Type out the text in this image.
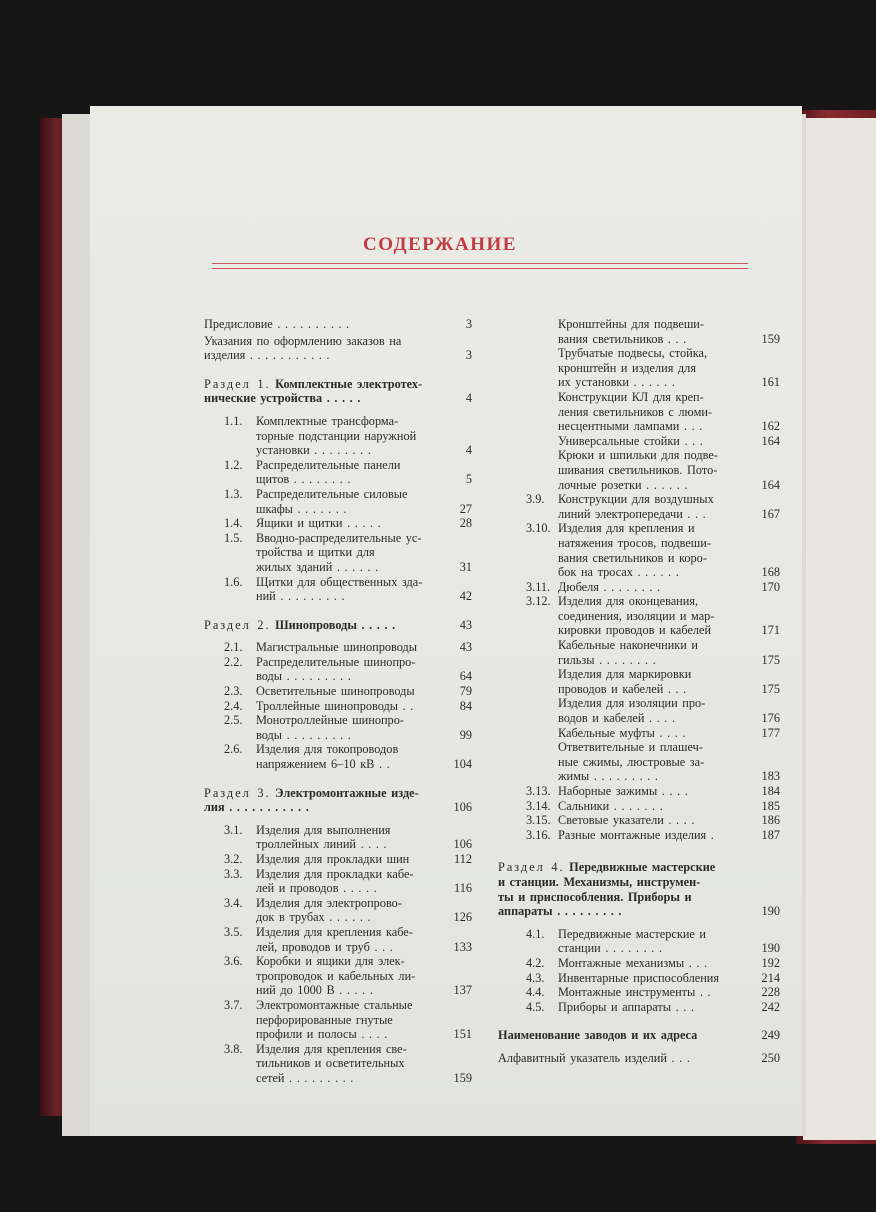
СОДЕРЖАНИЕ
Предисловие . . . . . . . . . .	3
Указания по оформлению заказов на
изделия . . . . . . . . . . .	3
Раздел 1. Комплектные электротех-
нические устройства . . . . .	4
1.1. Комплектные трансформа-
торные подстанции наружной
установки . . . . . . . .	4
1.2. Распределительные панели
щитов . . . . . . . .	5
1.3. Распределительные силовые
шкафы . . . . . . .	27
1.4. Ящики и щитки . . . . .	28
1.5. Вводно-распределительные ус-
тройства и щитки для
жилых зданий . . . . . .	31
1.6. Щитки для общественных зда-
ний . . . . . . . . .	42
Раздел 2. Шинопроводы . . . . .	43
2.1. Магистральные шинопроводы	43
2.2. Распределительные шинопро-
воды . . . . . . . . .	64
2.3. Осветительные шинопроводы	79
2.4. Троллейные шинопроводы . .	84
2.5. Монотроллейные шинопро-
воды . . . . . . . . .	99
2.6. Изделия для токопроводов
напряжением 6–10 кВ . .	104
Раздел 3. Электромонтажные изде-
лия . . . . . . . . . . .	106
3.1. Изделия для выполнения
троллейных линий . . . .	106
3.2. Изделия для прокладки шин	112
3.3. Изделия для прокладки кабе-
лей и проводов . . . . .	116
3.4. Изделия для электропрово-
док в трубах . . . . . .	126
3.5. Изделия для крепления кабе-
лей, проводов и труб . . .	133
3.6. Коробки и ящики для элек-
тропроводок и кабельных ли-
ний до 1000 В . . . . .	137
3.7. Электромонтажные стальные
перфорированные гнутые
профили и полосы . . . .	151
3.8. Изделия для крепления све-
тильников и осветительных
сетей . . . . . . . . .	159
Кронштейны для подвеши-
вания светильников . . .	159
Трубчатые подвесы, стойка,
кронштейн и изделия для
их установки . . . . . .	161
Конструкции КЛ для креп-
ления светильников с люми-
несцентными лампами . . .	162
Универсальные стойки . . .	164
Крюки и шпильки для подве-
шивания светильников. Пото-
лочные розетки . . . . . .	164
3.9. Конструкции для воздушных
линий электропередачи . . .	167
3.10. Изделия для крепления и
натяжения тросов, подвеши-
вания светильников и коро-
бок на тросах . . . . . .	168
3.11. Дюбеля . . . . . . . .	170
3.12. Изделия для оконцевания,
соединения, изоляции и мар-
кировки проводов и кабелей	171
Кабельные наконечники и
гильзы . . . . . . . .	175
Изделия для маркировки
проводов и кабелей . . .	175
Изделия для изоляции про-
водов и кабелей . . . .	176
Кабельные муфты . . . .	177
Ответвительные и плашеч-
ные сжимы, люстровые за-
жимы . . . . . . . . .	183
3.13. Наборные зажимы . . . .	184
3.14. Сальники . . . . . . .	185
3.15. Световые указатели . . . .	186
3.16. Разные монтажные изделия .	187
Раздел 4. Передвижные мастерские
и станции. Механизмы, инструмен-
ты и приспособления. Приборы и
аппараты . . . . . . . . .	190
4.1. Передвижные мастерские и
станции . . . . . . . .	190
4.2. Монтажные механизмы . . .	192
4.3. Инвентарные приспособления	214
4.4. Монтажные инструменты . .	228
4.5. Приборы и аппараты . . .	242
Наименование заводов и их адреса	249
Алфавитный указатель изделий . . .	250
